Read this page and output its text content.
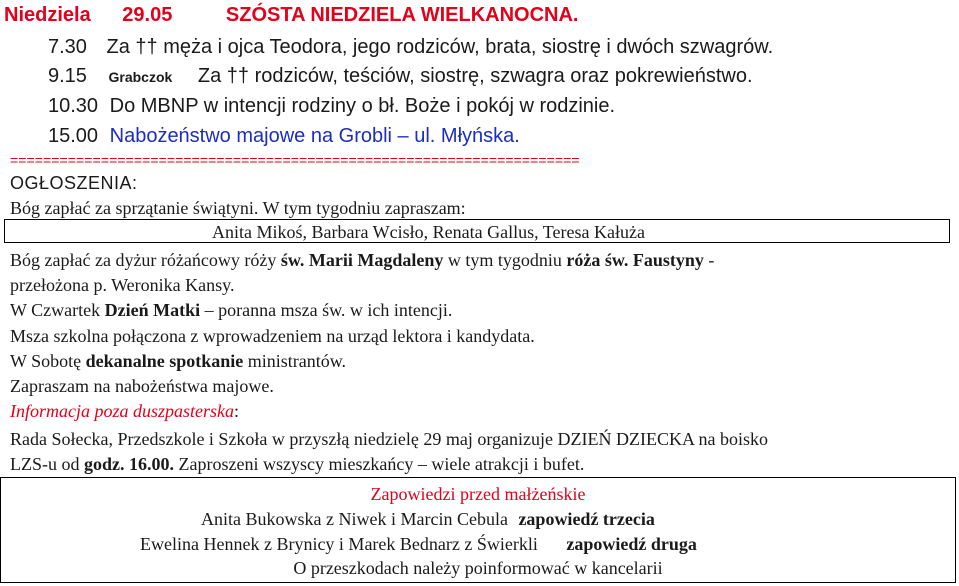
Niedziela 29.05	SZÓSTA NIEDZIELA WIELKANOCNA.
7.30 Za †† męża i ojca Teodora, jego rodziców, brata, siostrę i dwóch szwagrów.
9.15 Grabczok Za †† rodziców, teściów, siostrę, szwagra oraz pokrewieństwo.
10.30 Do MBNP w intencji rodziny o bł. Boże i pokój w rodzinie.
15.00 Nabożeństwo majowe na Grobli – ul. Młyńska.
=====================================================================
OGŁOSZENIA:
Bóg zapłać za sprzątanie świątyni. W tym tygodniu zapraszam:
Anita Mikoś, Barbara Wcisło, Renata Gallus, Teresa Kałuża
Bóg zapłać za dyżur różańcowy róży św. Marii Magdaleny w tym tygodniu róża św. Faustyny -
przełożona p. Weronika Kansy.
W Czwartek Dzień Matki – poranna msza św. w ich intencji.
Msza szkolna połączona z wprowadzeniem na urząd lektora i kandydata.
W Sobotę dekanalne spotkanie ministrantów.
Zapraszam na nabożeństwa majowe.
Informacja poza duszpasterska:
Rada Sołecka, Przedszkole i Szkoła w przyszłą niedzielę 29 maj organizuje DZIEŃ DZIECKA na boisko
LZS-u od godz. 16.00. Zaproszeni wszyscy mieszkańcy – wiele atrakcji i bufet.
Zapowiedzi przed małżeńskie
Anita Bukowska z Niwek i Marcin Cebula zapowiedź trzecia
Ewelina Hennek z Brynicy i Marek Bednarz z Świerkli zapowiedź druga
O przeszkodach należy poinformować w kancelarii
